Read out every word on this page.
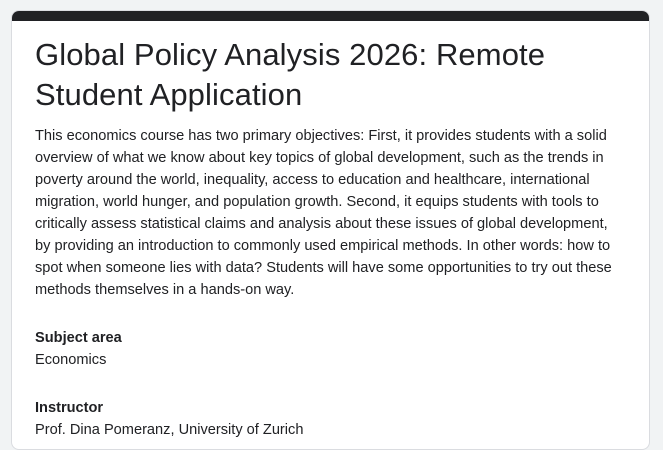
Global Policy Analysis 2026: Remote Student Application

This economics course has two primary objectives: First, it provides students with a solid overview of what we know about key topics of global development, such as the trends in poverty around the world, inequality, access to education and healthcare, international migration, world hunger, and population growth. Second, it equips students with tools to critically assess statistical claims and analysis about these issues of global development, by providing an introduction to commonly used empirical methods. In other words: how to spot when someone lies with data? Students will have some opportunities to try out these methods themselves in a hands-on way.

Subject area
Economics
Instructor
Prof. Dina Pomeranz, University of Zurich
